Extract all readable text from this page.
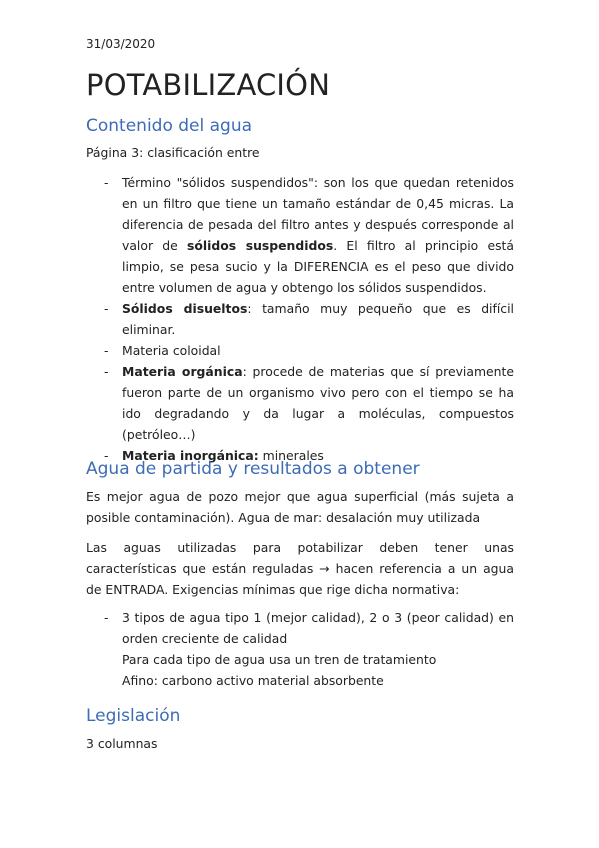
31/03/2020
POTABILIZACIÓN
Contenido del agua

Página 3: clasificación entre

- Término "sólidos suspendidos": son los que quedan retenidos en un filtro que tiene un tamaño estándar de 0,45 micras. La diferencia de pesada del filtro antes y después corresponde al valor de sólidos suspendidos. El filtro al principio está limpio, se pesa sucio y la DIFERENCIA es el peso que divido entre volumen de agua y obtengo los sólidos suspendidos.
- Sólidos disueltos: tamaño muy pequeño que es difícil eliminar.
- Materia coloidal
- Materia orgánica: procede de materias que sí previamente fueron parte de un organismo vivo pero con el tiempo se ha ido degradando y da lugar a moléculas, compuestos (petróleo…)
- Materia inorgánica: minerales
Agua de partida y resultados a obtener

Es mejor agua de pozo mejor que agua superficial (más sujeta a posible contaminación). Agua de mar: desalación muy utilizada

Las aguas utilizadas para potabilizar deben tener unas características que están reguladas → hacen referencia a un agua de ENTRADA. Exigencias mínimas que rige dicha normativa:

- 3 tipos de agua tipo 1 (mejor calidad), 2 o 3 (peor calidad) en orden creciente de calidad
Para cada tipo de agua usa un tren de tratamiento
Afino: carbono activo material absorbente
Legislación

3 columnas
